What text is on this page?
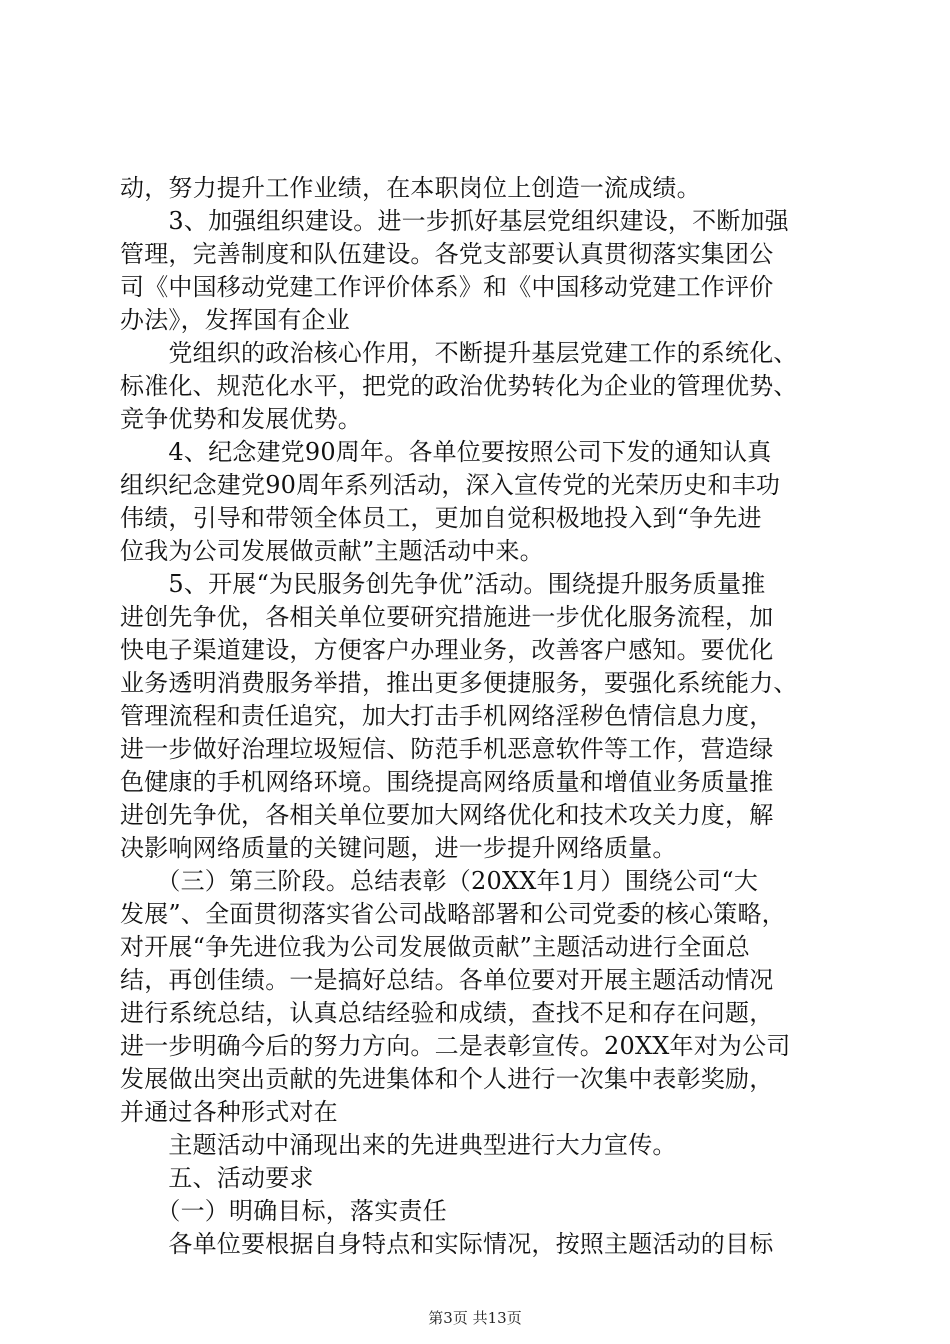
动，努力提升工作业绩，在本职岗位上创造一流成绩。
　　3、加强组织建设。进一步抓好基层党组织建设，不断加强
管理，完善制度和队伍建设。各党支部要认真贯彻落实集团公
司《中国移动党建工作评价体系》和《中国移动党建工作评价
办法》，发挥国有企业
　　党组织的政治核心作用，不断提升基层党建工作的系统化、
标准化、规范化水平，把党的政治优势转化为企业的管理优势、
竞争优势和发展优势。
　　4、纪念建党90周年。各单位要按照公司下发的通知认真
组织纪念建党90周年系列活动，深入宣传党的光荣历史和丰功
伟绩，引导和带领全体员工，更加自觉积极地投入到“争先进
位我为公司发展做贡献”主题活动中来。
　　5、开展“为民服务创先争优”活动。围绕提升服务质量推
进创先争优，各相关单位要研究措施进一步优化服务流程，加
快电子渠道建设，方便客户办理业务，改善客户感知。要优化
业务透明消费服务举措，推出更多便捷服务，要强化系统能力、
管理流程和责任追究，加大打击手机网络淫秽色情信息力度，
进一步做好治理垃圾短信、防范手机恶意软件等工作，营造绿
色健康的手机网络环境。围绕提高网络质量和增值业务质量推
进创先争优，各相关单位要加大网络优化和技术攻关力度，解
决影响网络质量的关键问题，进一步提升网络质量。
　　（三）第三阶段。总结表彰（20XX年1月）围绕公司“大
发展”、全面贯彻落实省公司战略部署和公司党委的核心策略，
对开展“争先进位我为公司发展做贡献”主题活动进行全面总
结，再创佳绩。一是搞好总结。各单位要对开展主题活动情况
进行系统总结，认真总结经验和成绩，查找不足和存在问题，
进一步明确今后的努力方向。二是表彰宣传。20XX年对为公司
发展做出突出贡献的先进集体和个人进行一次集中表彰奖励，
并通过各种形式对在
　　主题活动中涌现出来的先进典型进行大力宣传。
　　五、活动要求
　　（一）明确目标，落实责任
　　各单位要根据自身特点和实际情况，按照主题活动的目标
第3页 共13页
